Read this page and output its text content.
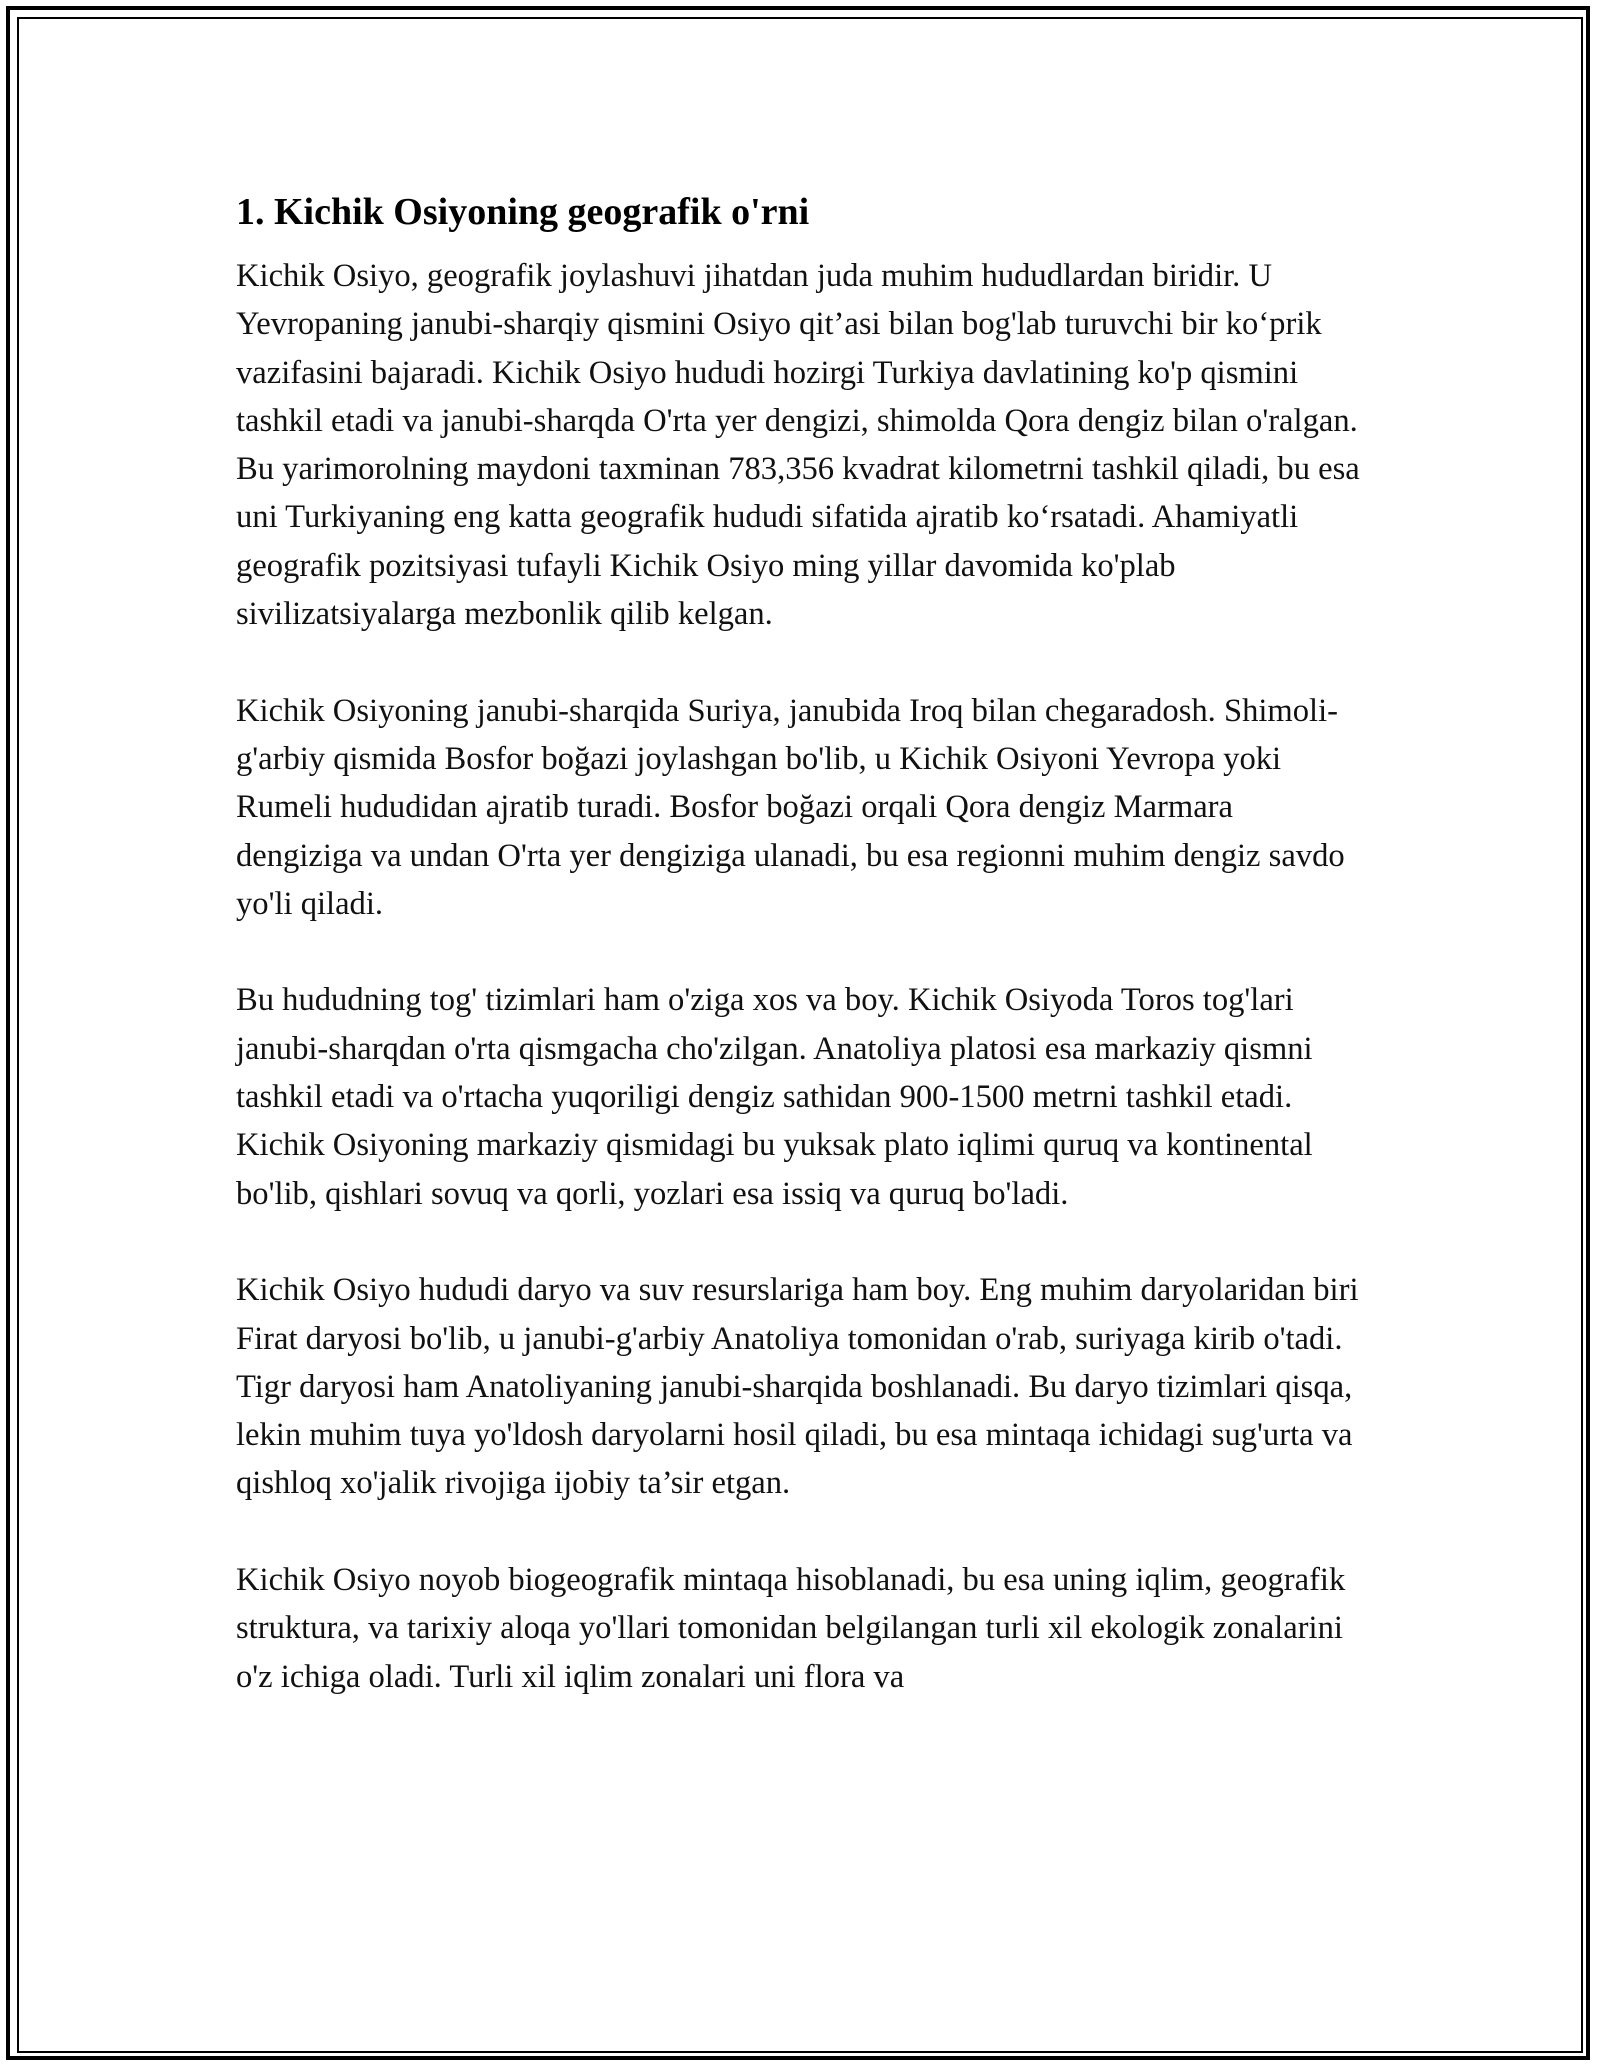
1. Kichik Osiyoning geografik o'rni

Kichik Osiyo, geografik joylashuvi jihatdan juda muhim hududlardan biridir. U Yevropaning janubi-sharqiy qismini Osiyo qit’asi bilan bog'lab turuvchi bir ko‘prik vazifasini bajaradi. Kichik Osiyo hududi hozirgi Turkiya davlatining ko'p qismini tashkil etadi va janubi-sharqda O'rta yer dengizi, shimolda Qora dengiz bilan o'ralgan. Bu yarimorolning maydoni taxminan 783,356 kvadrat kilometrni tashkil qiladi, bu esa uni Turkiyaning eng katta geografik hududi sifatida ajratib ko‘rsatadi. Ahamiyatli geografik pozitsiyasi tufayli Kichik Osiyo ming yillar davomida ko'plab sivilizatsiyalarga mezbonlik qilib kelgan.

Kichik Osiyoning janubi-sharqida Suriya, janubida Iroq bilan chegaradosh. Shimoli-g'arbiy qismida Bosfor boğazi joylashgan bo'lib, u Kichik Osiyoni Yevropa yoki Rumeli hududidan ajratib turadi. Bosfor boğazi orqali Qora dengiz Marmara dengiziga va undan O'rta yer dengiziga ulanadi, bu esa regionni muhim dengiz savdo yo'li qiladi.

Bu hududning tog' tizimlari ham o'ziga xos va boy. Kichik Osiyoda Toros tog'lari janubi-sharqdan o'rta qismgacha cho'zilgan. Anatoliya platosi esa markaziy qismni tashkil etadi va o'rtacha yuqoriligi dengiz sathidan 900-1500 metrni tashkil etadi. Kichik Osiyoning markaziy qismidagi bu yuksak plato iqlimi quruq va kontinental bo'lib, qishlari sovuq va qorli, yozlari esa issiq va quruq bo'ladi.

Kichik Osiyo hududi daryo va suv resurslariga ham boy. Eng muhim daryolaridan biri Firat daryosi bo'lib, u janubi-g'arbiy Anatoliya tomonidan o'rab, suriyaga kirib o'tadi. Tigr daryosi ham Anatoliyaning janubi-sharqida boshlanadi. Bu daryo tizimlari qisqa, lekin muhim tuya yo'ldosh daryolarni hosil qiladi, bu esa mintaqa ichidagi sug'urta va qishloq xo'jalik rivojiga ijobiy ta’sir etgan.

Kichik Osiyo noyob biogeografik mintaqa hisoblanadi, bu esa uning iqlim, geografik struktura, va tarixiy aloqa yo'llari tomonidan belgilangan turli xil ekologik zonalarini o'z ichiga oladi. Turli xil iqlim zonalari uni flora va
